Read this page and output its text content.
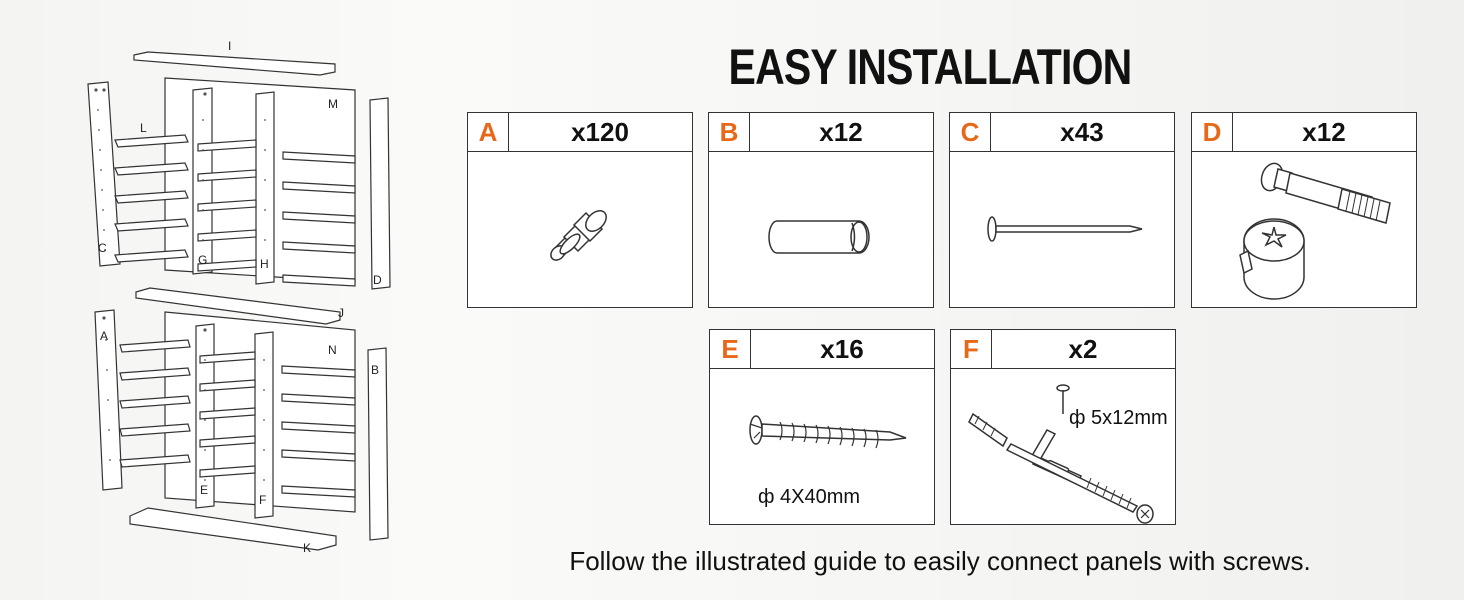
I
M
L
C
G	H
D
J
A
N
B
E
F
K
EASY INSTALLATION
A	x120	B	x12	C	x43	D	x12
E	x16
ф 4X40mm
F	x2
ф 5x12mm
Follow the illustrated guide to easily connect panels with screws.
